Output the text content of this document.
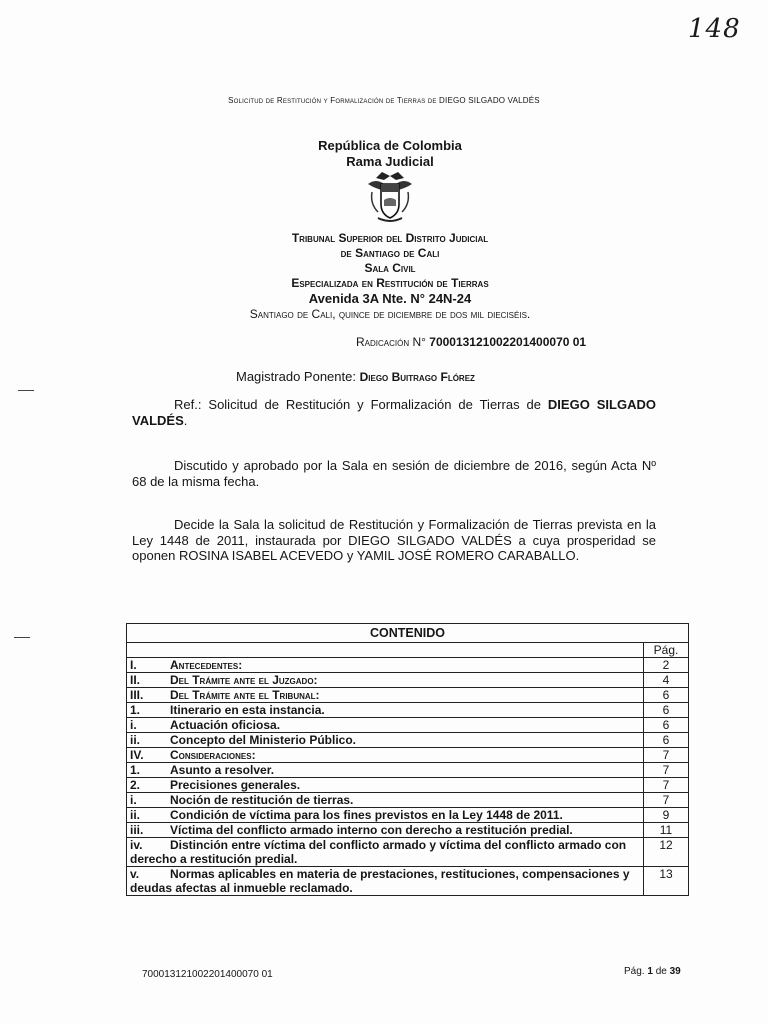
148
Solicitud de Restitución y Formalización de Tierras de DIEGO SILGADO VALDÉS
República de Colombia
Rama Judicial
Tribunal Superior del Distrito Judicial
de Santiago de Cali
Sala Civil
Especializada en Restitución de Tierras
Avenida 3A Nte. N° 24N-24
Santiago de Cali, quince de diciembre de dos mil dieciséis.
Radicación N° 700013121002201400070 01
Magistrado Ponente: Diego Buitrago Flórez
Ref.: Solicitud de Restitución y Formalización de Tierras de DIEGO SILGADO VALDÉS.
Discutido y aprobado por la Sala en sesión de diciembre de 2016, según Acta Nº 68 de la misma fecha.
Decide la Sala la solicitud de Restitución y Formalización de Tierras prevista en la Ley 1448 de 2011, instaurada por DIEGO SILGADO VALDÉS a cuya prosperidad se oponen ROSINA ISABEL ACEVEDO y YAMIL JOSÉ ROMERO CARABALLO.
CONTENIDO	
	Pág.
I. Antecedentes:	2
II. Del Trámite ante el Juzgado:	4
III. Del Trámite ante el Tribunal:	6
1. Itinerario en esta instancia.	6
i. Actuación oficiosa.	6
ii. Concepto del Ministerio Público.	6
IV. Consideraciones:	7
1. Asunto a resolver.	7
2. Precisiones generales.	7
i. Noción de restitución de tierras.	7
ii. Condición de víctima para los fines previstos en la Ley 1448 de 2011.	9
iii. Víctima del conflicto armado interno con derecho a restitución predial.	11
iv. Distinción entre víctima del conflicto armado y víctima del conflicto armado con derecho a restitución predial.	12
v. Normas aplicables en materia de prestaciones, restituciones, compensaciones y deudas afectas al inmueble reclamado.	13
700013121002201400070 01	Pág. 1 de 39
